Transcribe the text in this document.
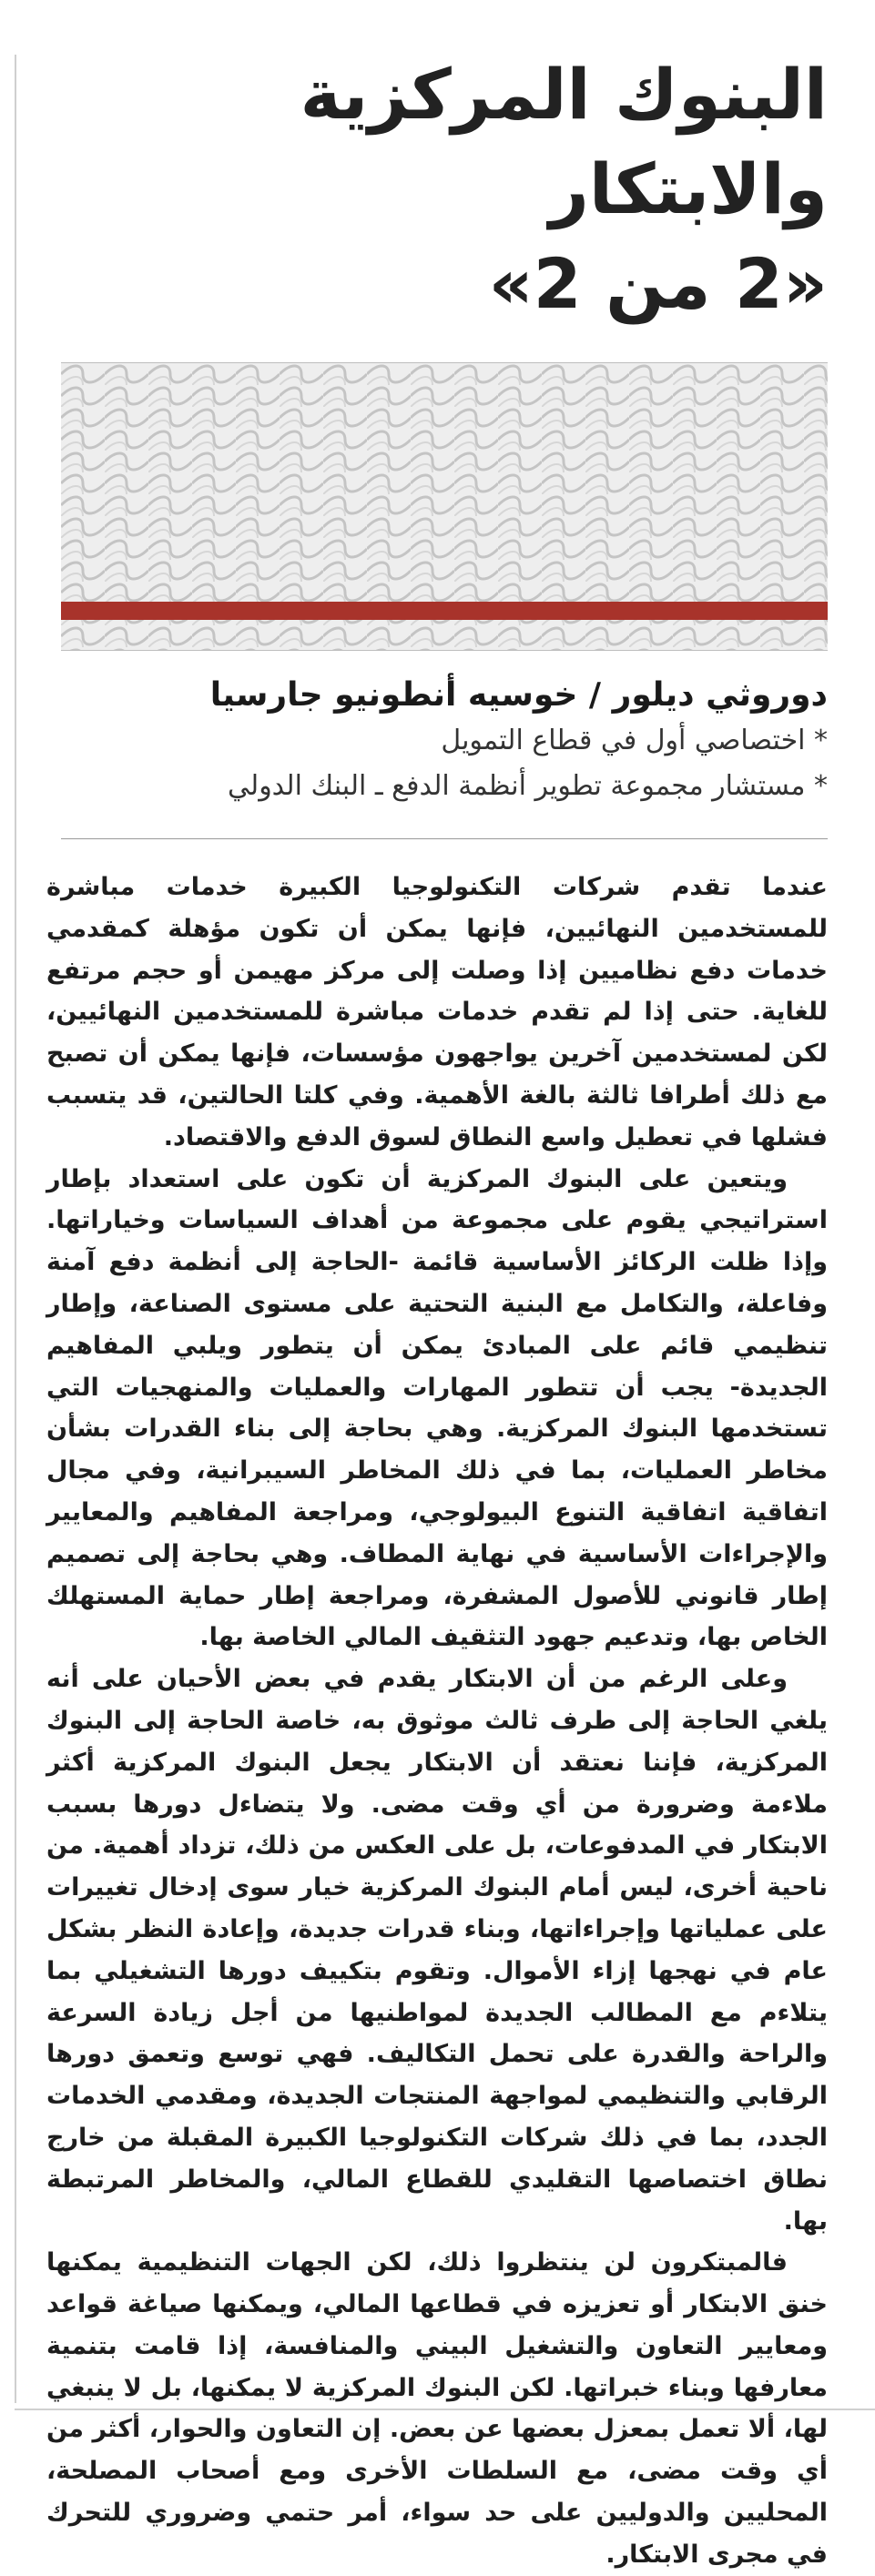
البنوك المركزية والابتكار
«2 من 2»
دوروثي ديلور / خوسيه أنطونيو جارسيا
* اختصاصي أول في قطاع التمويل
* مستشار مجموعة تطوير أنظمة الدفع ـ البنك الدولي

عندما تقدم شركات التكنولوجيا الكبيرة خدمات مباشرة للمستخدمين النهائيين، فإنها يمكن أن تكون مؤهلة كمقدمي خدمات دفع نظاميين إذا وصلت إلى مركز مهيمن أو حجم مرتفع للغاية. حتى إذا لم تقدم خدمات مباشرة للمستخدمين النهائيين، لكن لمستخدمين آخرين يواجهون مؤسسات، فإنها يمكن أن تصبح مع ذلك أطرافا ثالثة بالغة الأهمية. وفي كلتا الحالتين، قد يتسبب فشلها في تعطيل واسع النطاق لسوق الدفع والاقتصاد.

ويتعين على البنوك المركزية أن تكون على استعداد بإطار استراتيجي يقوم على مجموعة من أهداف السياسات وخياراتها. وإذا ظلت الركائز الأساسية قائمة -الحاجة إلى أنظمة دفع آمنة وفاعلة، والتكامل مع البنية التحتية على مستوى الصناعة، وإطار تنظيمي قائم على المبادئ يمكن أن يتطور ويلبي المفاهيم الجديدة- يجب أن تتطور المهارات والعمليات والمنهجيات التي تستخدمها البنوك المركزية. وهي بحاجة إلى بناء القدرات بشأن مخاطر العمليات، بما في ذلك المخاطر السيبرانية، وفي مجال اتفاقية اتفاقية التنوع البيولوجي، ومراجعة المفاهيم والمعايير والإجراءات الأساسية في نهاية المطاف. وهي بحاجة إلى تصميم إطار قانوني للأصول المشفرة، ومراجعة إطار حماية المستهلك الخاص بها، وتدعيم جهود التثقيف المالي الخاصة بها.

وعلى الرغم من أن الابتكار يقدم في بعض الأحيان على أنه يلغي الحاجة إلى طرف ثالث موثوق به، خاصة الحاجة إلى البنوك المركزية، فإننا نعتقد أن الابتكار يجعل البنوك المركزية أكثر ملاءمة وضرورة من أي وقت مضى. ولا يتضاءل دورها بسبب الابتكار في المدفوعات، بل على العكس من ذلك، تزداد أهمية. من ناحية أخرى، ليس أمام البنوك المركزية خيار سوى إدخال تغييرات على عملياتها وإجراءاتها، وبناء قدرات جديدة، وإعادة النظر بشكل عام في نهجها إزاء الأموال. وتقوم بتكييف دورها التشغيلي بما يتلاءم مع المطالب الجديدة لمواطنيها من أجل زيادة السرعة والراحة والقدرة على تحمل التكاليف. فهي توسع وتعمق دورها الرقابي والتنظيمي لمواجهة المنتجات الجديدة، ومقدمي الخدمات الجدد، بما في ذلك شركات التكنولوجيا الكبيرة المقبلة من خارج نطاق اختصاصها التقليدي للقطاع المالي، والمخاطر المرتبطة بها.

فالمبتكرون لن ينتظروا ذلك، لكن الجهات التنظيمية يمكنها خنق الابتكار أو تعزيزه في قطاعها المالي، ويمكنها صياغة قواعد ومعايير التعاون والتشغيل البيني والمنافسة، إذا قامت بتنمية معارفها وبناء خبراتها. لكن البنوك المركزية لا يمكنها، بل لا ينبغي لها، ألا تعمل بمعزل بعضها عن بعض. إن التعاون والحوار، أكثر من أي وقت مضى، مع السلطات الأخرى ومع أصحاب المصلحة، المحليين والدوليين على حد سواء، أمر حتمي وضروري للتحرك في مجرى الابتكار.
